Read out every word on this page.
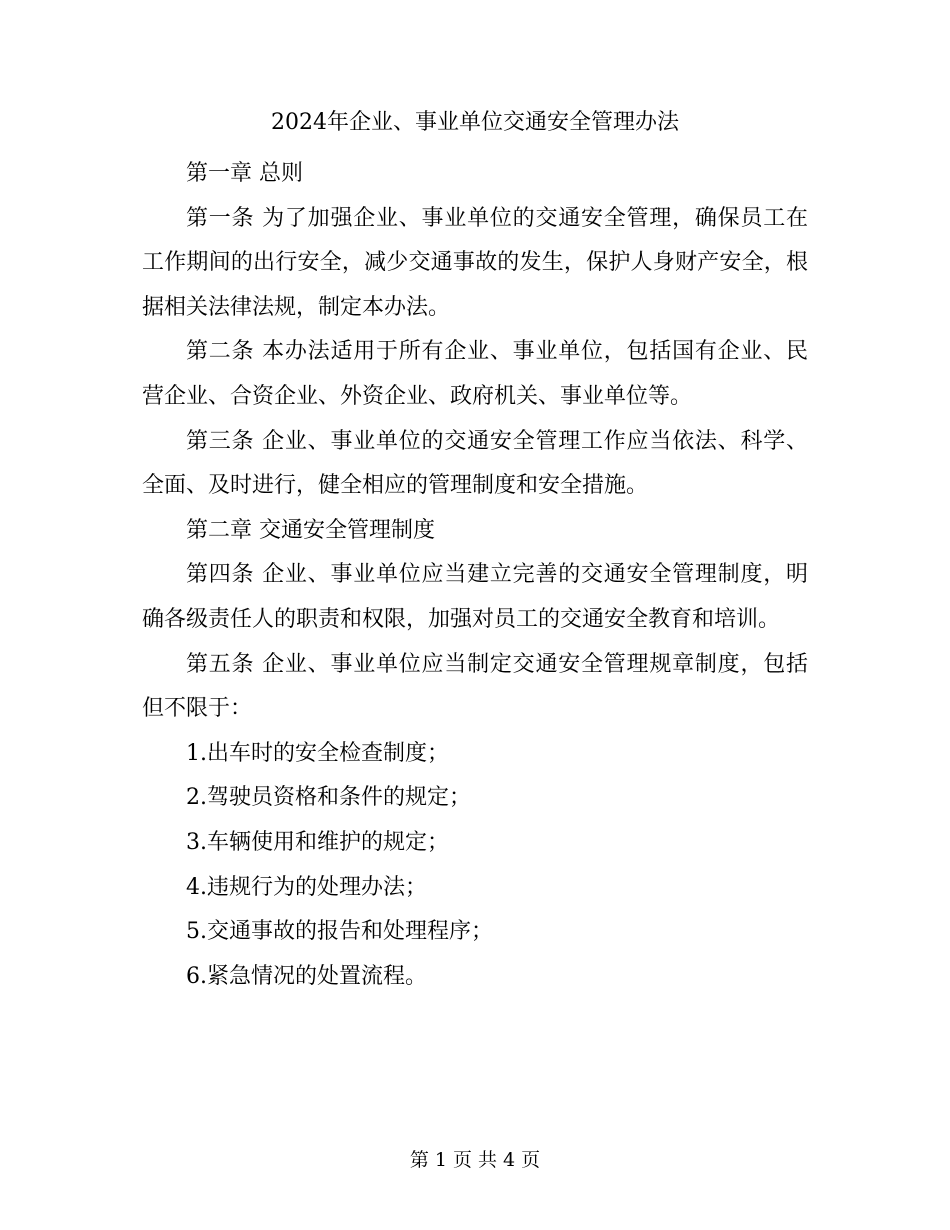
2024年企业、事业单位交通安全管理办法

第一章 总则

第一条 为了加强企业、事业单位的交通安全管理，确保员工在工作期间的出行安全，减少交通事故的发生，保护人身财产安全，根据相关法律法规，制定本办法。

第二条 本办法适用于所有企业、事业单位，包括国有企业、民营企业、合资企业、外资企业、政府机关、事业单位等。

第三条 企业、事业单位的交通安全管理工作应当依法、科学、全面、及时进行，健全相应的管理制度和安全措施。

第二章 交通安全管理制度

第四条 企业、事业单位应当建立完善的交通安全管理制度，明确各级责任人的职责和权限，加强对员工的交通安全教育和培训。

第五条 企业、事业单位应当制定交通安全管理规章制度，包括但不限于：

1.出车时的安全检查制度；

2.驾驶员资格和条件的规定；

3.车辆使用和维护的规定；

4.违规行为的处理办法；

5.交通事故的报告和处理程序；

6.紧急情况的处置流程。

第 1 页 共 4 页
